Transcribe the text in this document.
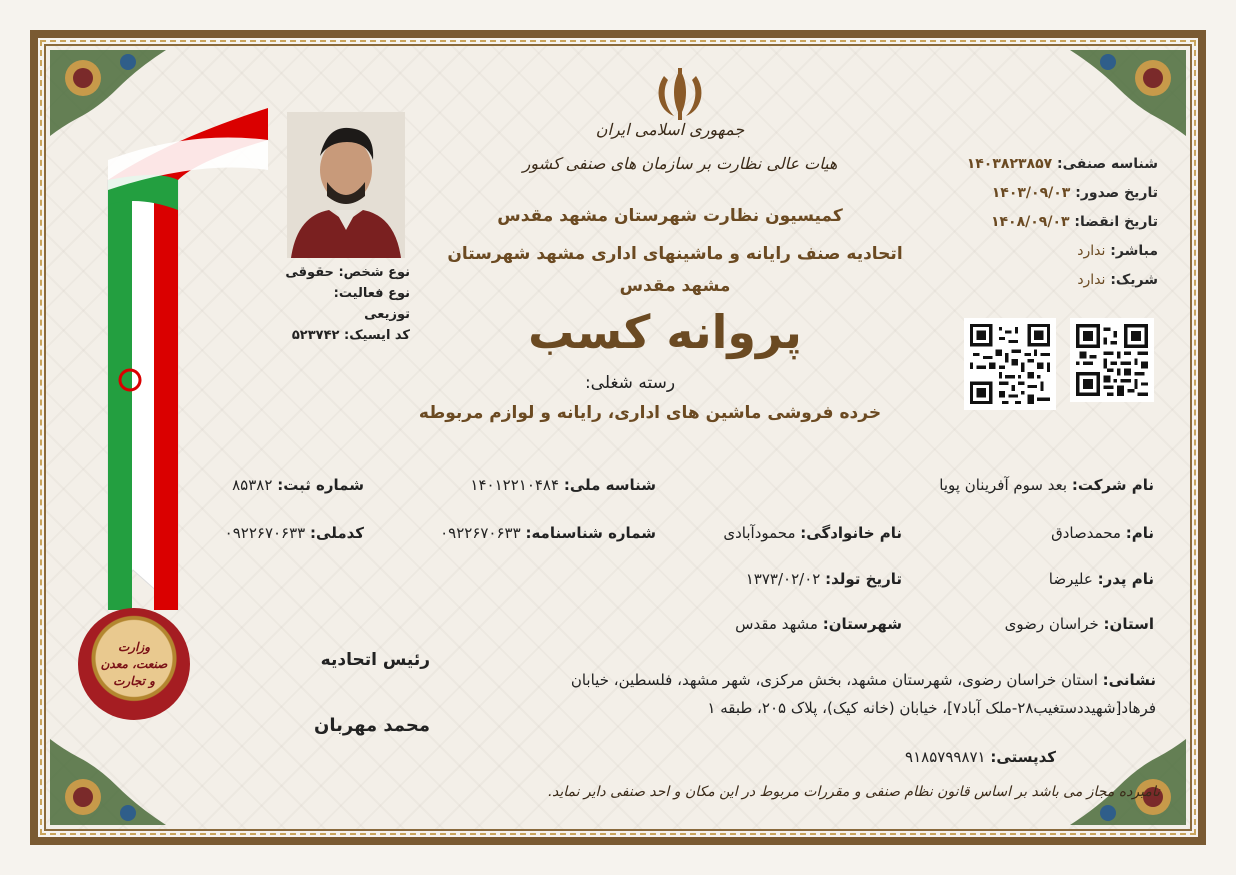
وزارت
صنعت، معدن
و تجارت
جمهوری اسلامی ایران
هیات عالی نظارت بر سازمان های صنفی کشور
کمیسیون نظارت شهرستان مشهد مقدس
اتحادیه صنف رایانه و ماشینهای اداری مشهد شهرستان مشهد مقدس
پروانه کسب
رسته شغلی:
خرده فروشی ماشین های اداری، رایانه و لوازم مربوطه
نوع شخص: حقوقی
نوع فعالیت: توزیعی
کد ایسیک: ۵۲۳۷۴۲
شناسه صنفی: ۱۴۰۳۸۲۳۸۵۷
تاریخ صدور: ۱۴۰۳/۰۹/۰۳
تاریخ انقضا: ۱۴۰۸/۰۹/۰۳
مباشر: ندارد
شریک: ندارد
نام شرکت: بعد سوم آفرینان پویا
شناسه ملی: ۱۴۰۱۲۲۱۰۴۸۴
شماره ثبت: ۸۵۳۸۲
نام: محمدصادق
نام خانوادگی: محمودآبادی
شماره شناسنامه: ۰۹۲۲۶۷۰۶۳۳
کدملی: ۰۹۲۲۶۷۰۶۳۳
نام پدر: علیرضا
تاریخ تولد: ۱۳۷۳/۰۲/۰۲
استان: خراسان رضوی
شهرستان: مشهد مقدس
نشانی: استان خراسان رضوی، شهرستان مشهد، بخش مرکزی، شهر مشهد، فلسطین، خیابان فرهاد[شهیددستغیب۲۸-ملک آباد۷]، خیابان (خانه کیک)، پلاک ۲۰۵، طبقه ۱
کدپستی: ۹۱۸۵۷۹۹۸۷۱
رئیس اتحادیه
محمد مهربان
نامبرده مجاز می باشد بر اساس قانون نظام صنفی و مقررات مربوط در این مکان و احد صنفی دایر نماید.
